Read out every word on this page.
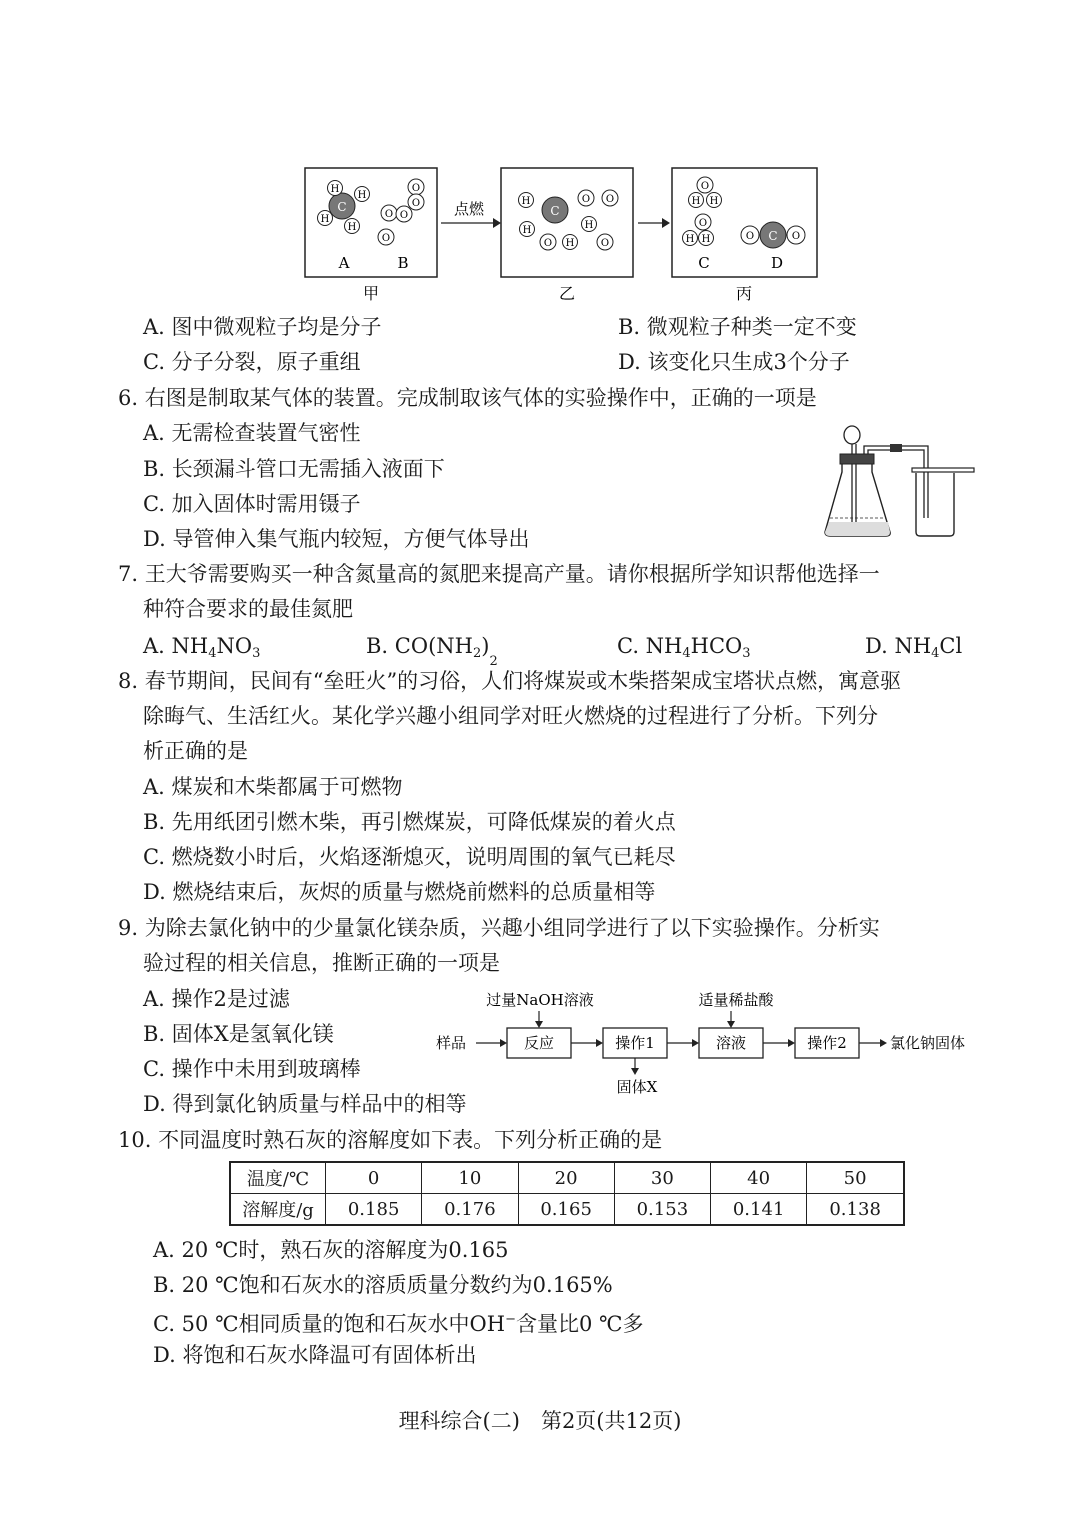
点燃
C
H
H
H
H
O
O
O O
O
A	B
C
H
H
H
H
O O
O	O
O
H H
O
H H	O C O
C	D
甲	乙	丙
A. 图中微观粒子均是分子	B. 微观粒子种类一定不变
C. 分子分裂，原子重组	D. 该变化只生成3个分子
6. 右图是制取某气体的装置。完成制取该气体的实验操作中，正确的一项是
A. 无需检查装置气密性
B. 长颈漏斗管口无需插入液面下
C. 加入固体时需用镊子
D. 导管伸入集气瓶内较短，方便气体导出
7. 王大爷需要购买一种含氮量高的氮肥来提高产量。请你根据所学知识帮他选择一
种符合要求的最佳氮肥
A. $NH_4NO_3$	B. $CO(NH_2)_2$
C. $NH_4HCO_3$	D. $NH_4Cl$
8. 春节期间，民间有“垒旺火”的习俗，人们将煤炭或木柴搭架成宝塔状点燃，寓意驱
除晦气、生活红火。某化学兴趣小组同学对旺火燃烧的过程进行了分析。下列分
析正确的是
A. 煤炭和木柴都属于可燃物
B. 先用纸团引燃木柴，再引燃煤炭，可降低煤炭的着火点
C. 燃烧数小时后，火焰逐渐熄灭，说明周围的氧气已耗尽
D. 燃烧结束后，灰烬的质量与燃烧前燃料的总质量相等
9. 为除去氯化钠中的少量氯化镁杂质，兴趣小组同学进行了以下实验操作。分析实
验过程的相关信息，推断正确的一项是
A. 操作2是过滤
B. 固体X是氢氧化镁
C. 操作中未用到玻璃棒
D. 得到氯化钠质量与样品中的相等
过量NaOH溶液	适量稀盐酸
样品	反应	操作1
固体X
溶液	操作2	氯化钠固体
10. 不同温度时熟石灰的溶解度如下表。下列分析正确的是
温度/℃	0	10	20	30	40	50
溶解度/g	0.185	0.176	0.165	0.153	0.141	0.138
A. 20 ℃时，熟石灰的溶解度为0.165
B. 20 ℃饱和石灰水的溶质质量分数约为0.165%
C. 50 ℃相同质量的饱和石灰水中OH−含量比0 ℃多
D. 将饱和石灰水降温可有固体析出
理科综合(二)　第2页(共12页)
